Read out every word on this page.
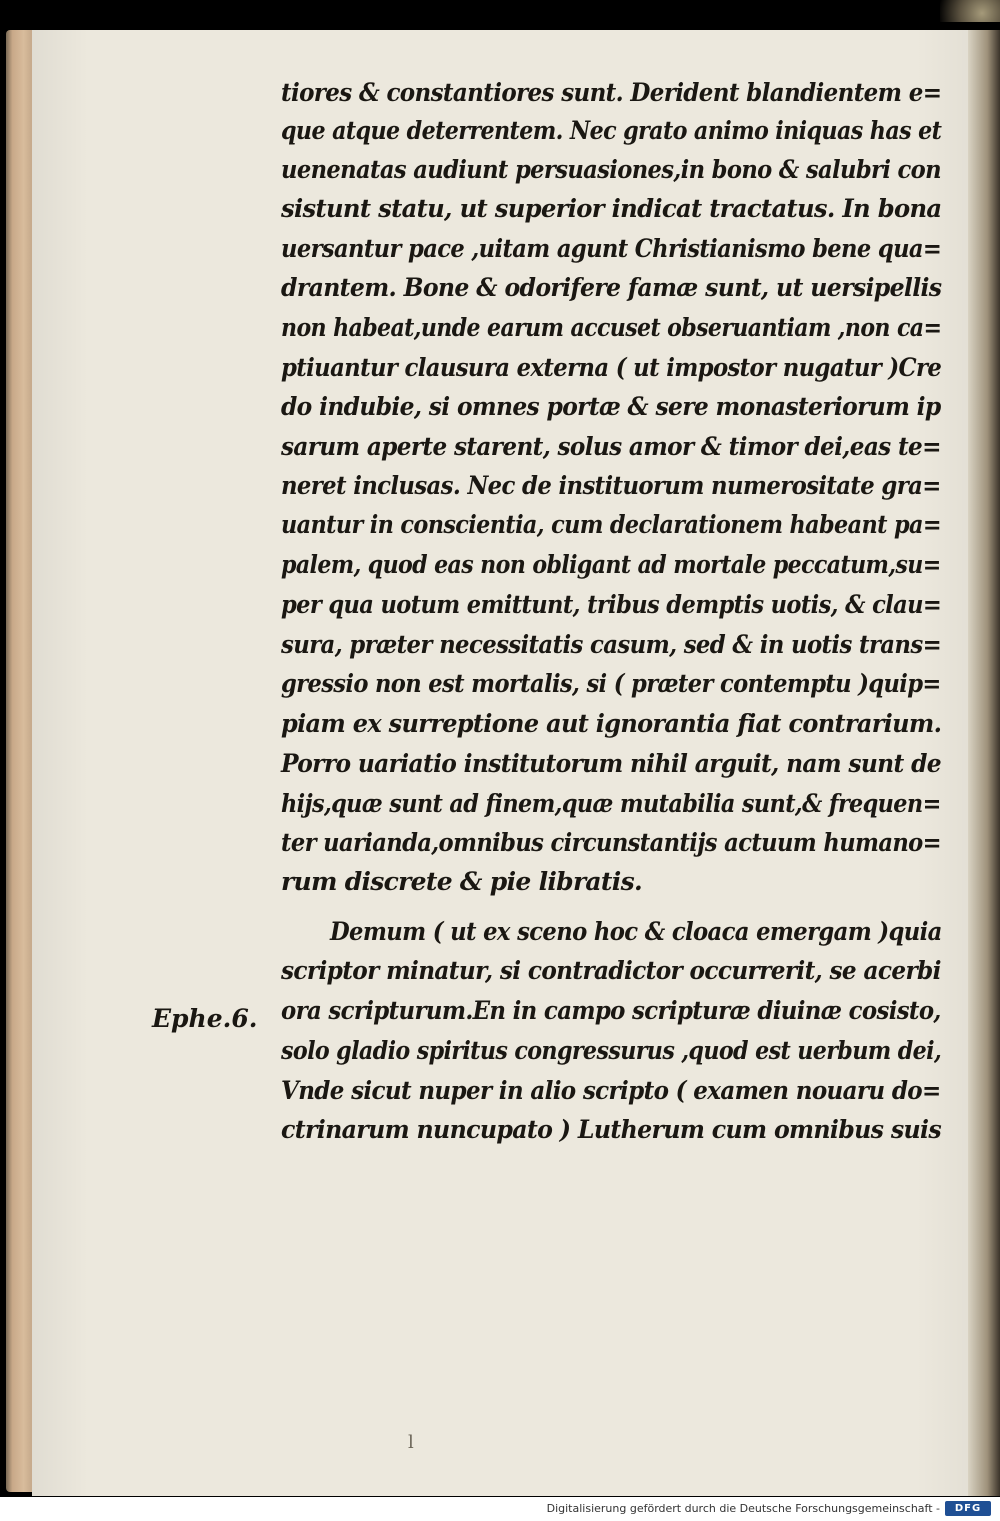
tiores & constantiores sunt. Derident blandientem e=
que atque deterrentem. Nec grato animo iniquas has et
uenenatas audiunt persuasiones,in bono & salubri con
sistunt statu, ut superior indicat tractatus. In bona
uersantur pace ,uitam agunt Christianismo bene qua=
drantem. Bone & odorifere famæ sunt, ut uersipellis
non habeat,unde earum accuset obseruantiam ,non ca=
ptiuantur clausura externa ( ut impostor nugatur )Cre
do indubie, si omnes portæ & sere monasteriorum ip
sarum aperte starent, solus amor & timor dei,eas te=
neret inclusas. Nec de instituorum numerositate gra=
uantur in conscientia, cum declarationem habeant pa=
palem, quod eas non obligant ad mortale peccatum,su=
per qua uotum emittunt, tribus demptis uotis, & clau=
sura, præter necessitatis casum, sed & in uotis trans=
gressio non est mortalis, si ( præter contemptu )quip=
piam ex surreptione aut ignorantia fiat contrarium.
Porro uariatio institutorum nihil arguit, nam sunt de
hijs,quæ sunt ad finem,quæ mutabilia sunt,& frequen=
ter uarianda,omnibus circunstantijs actuum humano=
rum discrete & pie libratis.
Demum ( ut ex sceno hoc & cloaca emergam )quia
scriptor minatur, si contradictor occurrerit, se acerbi
ora scripturum.En in campo scripturæ diuinæ cosisto,
solo gladio spiritus congressurus ,quod est uerbum dei,
Vnde sicut nuper in alio scripto ( examen nouaru do=
ctrinarum nuncupato ) Lutherum cum omnibus suis
Ephe.6.
l
Digitalisierung gefördert durch die Deutsche Forschungsgemeinschaft -	DFG
